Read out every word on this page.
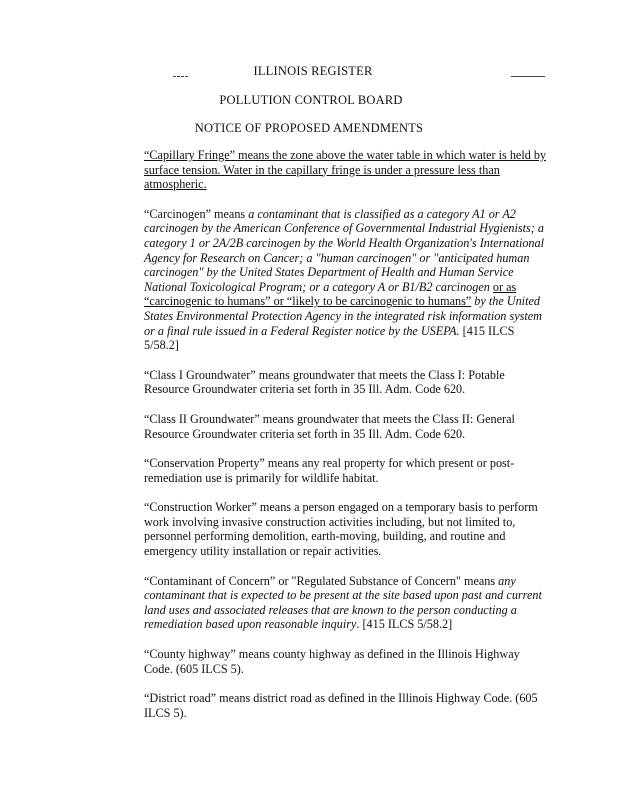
ILLINOIS REGISTER
POLLUTION CONTROL BOARD
NOTICE OF PROPOSED AMENDMENTS

“Capillary Fringe” means the zone above the water table in which water is held by surface tension. Water in the capillary fringe is under a pressure less than atmospheric.

“Carcinogen” means a contaminant that is classified as a category A1 or A2 carcinogen by the American Conference of Governmental Industrial Hygienists; a category 1 or 2A/2B carcinogen by the World Health Organization's International Agency for Research on Cancer; a "human carcinogen" or "anticipated human carcinogen" by the United States Department of Health and Human Service National Toxicological Program; or a category A or B1/B2 carcinogen or as “carcinogenic to humans” or “likely to be carcinogenic to humans” by the United States Environmental Protection Agency in the integrated risk information system or a final rule issued in a Federal Register notice by the USEPA. [415 ILCS 5/58.2]

“Class I Groundwater” means groundwater that meets the Class I: Potable Resource Groundwater criteria set forth in 35 Ill. Adm. Code 620.

“Class II Groundwater” means groundwater that meets the Class II: General Resource Groundwater criteria set forth in 35 Ill. Adm. Code 620.

“Conservation Property” means any real property for which present or post-remediation use is primarily for wildlife habitat.

“Construction Worker” means a person engaged on a temporary basis to perform work involving invasive construction activities including, but not limited to, personnel performing demolition, earth-moving, building, and routine and emergency utility installation or repair activities.

“Contaminant of Concern” or "Regulated Substance of Concern" means any contaminant that is expected to be present at the site based upon past and current land uses and associated releases that are known to the person conducting a remediation based upon reasonable inquiry. [415 ILCS 5/58.2]

“County highway” means county highway as defined in the Illinois Highway Code. (605 ILCS 5).

“District road” means district road as defined in the Illinois Highway Code. (605 ILCS 5).
